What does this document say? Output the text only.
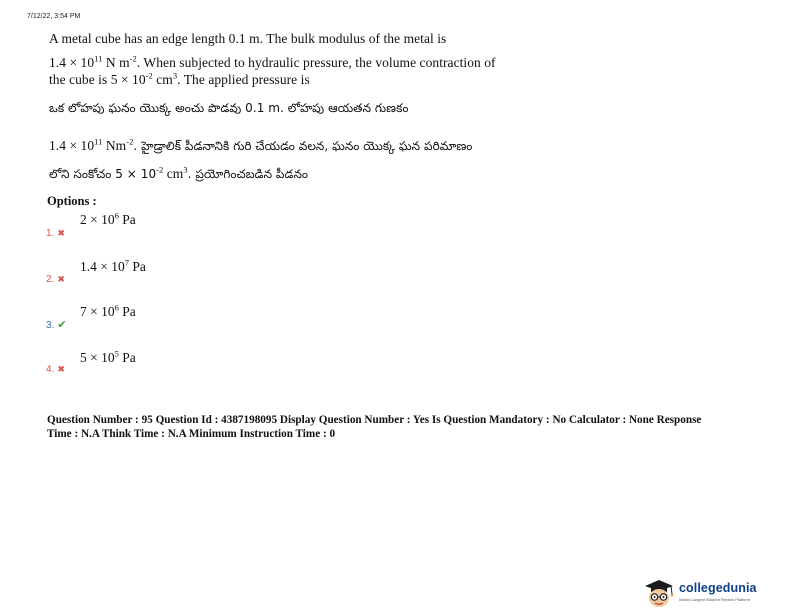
7/12/22, 3:54 PM
A metal cube has an edge length 0.1 m. The bulk modulus of the metal is
$1.4 \times 10^{11}$ N $m^{-2}$. When subjected to hydraulic pressure, the volume contraction of
the cube is $5 \times 10^{-2}$ $cm^3$. The applied pressure is
ఒక లోహపు ఘనం యొక్క అంచు పొడవు 0.1 m. లోహపు ఆయతన గుణకం
$1.4 \times 10^{11}$ $Nm^{-2}$. హైడ్రాలిక్ పీడనానికి గురి చేయడం వలన, ఘనం యొక్క ఘన పరిమాణం
లోని సంకోచం $5 \times 10^{-2}$ $cm^3$. ప్రయోగించబడిన పీడనం
Options :
$2 \times 10^6$ Pa
1. ✖
$1.4 \times 10^7$ Pa
2. ✖
$7 \times 10^6$ Pa
3. ✔
$5 \times 10^5$ Pa
4. ✖
Question Number : 95 Question Id : 4387198095 Display Question Number : Yes Is Question Mandatory : No Calculator : None Response
Time : N.A Think Time : N.A Minimum Instruction Time : 0
collegedunia
India's Largest Student Review Platform
